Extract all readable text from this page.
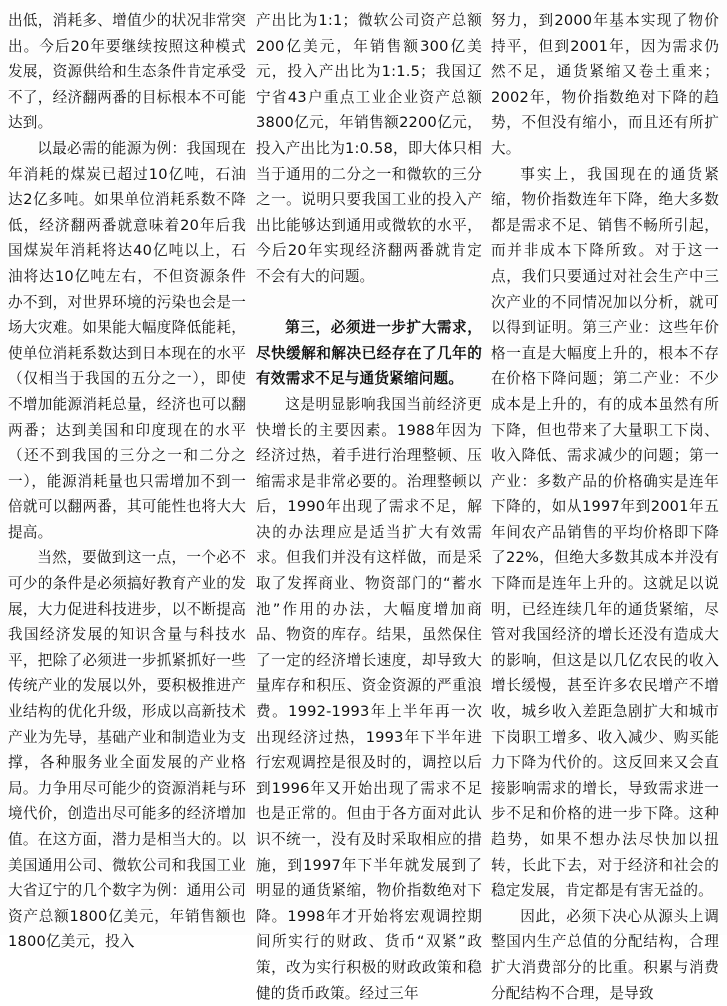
出低，消耗多、增值少的状况非常突出。今后20年要继续按照这种模式发展，资源供给和生态条件肯定承受不了，经济翻两番的目标根本不可能达到。

以最必需的能源为例：我国现在年消耗的煤炭已超过10亿吨，石油达2亿多吨。如果单位消耗系数不降低，经济翻两番就意味着20年后我国煤炭年消耗将达40亿吨以上，石油将达10亿吨左右，不但资源条件办不到，对世界环境的污染也会是一场大灾难。如果能大幅度降低能耗，使单位消耗系数达到日本现在的水平（仅相当于我国的五分之一），即使不增加能源消耗总量，经济也可以翻两番；达到美国和印度现在的水平（还不到我国的三分之一和二分之一），能源消耗量也只需增加不到一倍就可以翻两番，其可能性也将大大提高。

当然，要做到这一点，一个必不可少的条件是必须搞好教育产业的发展，大力促进科技进步，以不断提高我国经济发展的知识含量与科技水平，把除了必须进一步抓紧抓好一些传统产业的发展以外，要积极推进产业结构的优化升级，形成以高新技术产业为先导，基础产业和制造业为支撑，各种服务业全面发展的产业格局。力争用尽可能少的资源消耗与环境代价，创造出尽可能多的经济增加值。在这方面，潜力是相当大的。以美国通用公司、微软公司和我国工业大省辽宁的几个数字为例：通用公司资产总额1800亿美元，年销售额也1800亿美元，投入

产出比为1:1；微软公司资产总额200亿美元，年销售额300亿美元，投入产出比为1:1.5；我国辽宁省43户重点工业企业资产总额3800亿元，年销售额2200亿元，投入产出比为1:0.58，即大体只相当于通用的二分之一和微软的三分之一。说明只要我国工业的投入产出比能够达到通用或微软的水平，今后20年实现经济翻两番就肯定不会有大的问题。

第三，必须进一步扩大需求，尽快缓解和解决已经存在了几年的有效需求不足与通货紧缩问题。

这是明显影响我国当前经济更快增长的主要因素。1988年因为经济过热，着手进行治理整顿、压缩需求是非常必要的。治理整顿以后，1990年出现了需求不足，解决的办法理应是适当扩大有效需求。但我们并没有这样做，而是采取了发挥商业、物资部门的“蓄水池”作用的办法，大幅度增加商品、物资的库存。结果，虽然保住了一定的经济增长速度，却导致大量库存和积压、资金资源的严重浪费。1992-1993年上半年再一次出现经济过热，1993年下半年进行宏观调控是很及时的，调控以后到1996年又开始出现了需求不足也是正常的。但由于各方面对此认识不统一，没有及时采取相应的措施，到1997年下半年就发展到了明显的通货紧缩，物价指数绝对下降。1998年才开始将宏观调控期间所实行的财政、货币“双紧”政策，改为实行积极的财政政策和稳健的货币政策。经过三年

努力，到2000年基本实现了物价持平，但到2001年，因为需求仍然不足，通货紧缩又卷土重来；2002年，物价指数绝对下降的趋势，不但没有缩小，而且还有所扩大。

事实上，我国现在的通货紧缩，物价指数连年下降，绝大多数都是需求不足、销售不畅所引起，而并非成本下降所致。对于这一点，我们只要通过对社会生产中三次产业的不同情况加以分析，就可以得到证明。第三产业：这些年价格一直是大幅度上升的，根本不存在价格下降问题；第二产业：不少成本是上升的，有的成本虽然有所下降，但也带来了大量职工下岗、收入降低、需求减少的问题；第一产业：多数产品的价格确实是连年下降的，如从1997年到2001年五年间农产品销售的平均价格即下降了22%，但绝大多数其成本并没有下降而是连年上升的。这就足以说明，已经连续几年的通货紧缩，尽管对我国经济的增长还没有造成大的影响，但这是以几亿农民的收入增长缓慢，甚至许多农民增产不增收，城乡收入差距急剧扩大和城市下岗职工增多、收入减少、购买能力下降为代价的。这反回来又会直接影响需求的增长，导致需求进一步不足和价格的进一步下降。这种趋势，如果不想办法尽快加以扭转，长此下去，对于经济和社会的稳定发展，肯定都是有害无益的。

因此，必须下决心从源头上调整国内生产总值的分配结构，合理扩大消费部分的比重。积累与消费分配结构不合理，是导致
